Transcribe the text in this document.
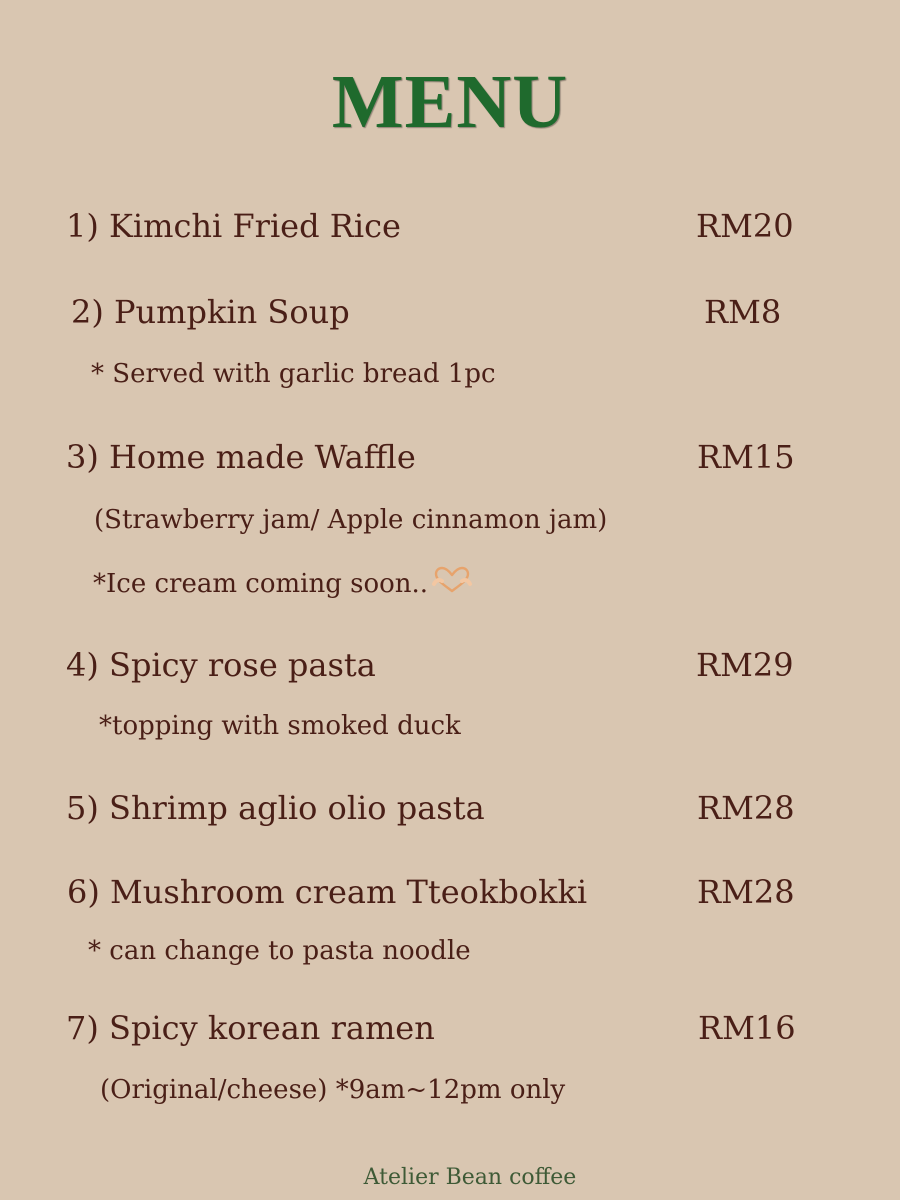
MENU
1) Kimchi Fried Rice	RM20
2) Pumpkin Soup	RM8
* Served with garlic bread 1pc
3) Home made Waffle	RM15
(Strawberry jam/ Apple cinnamon jam)
*Ice cream coming soon..
4) Spicy rose pasta	RM29
*topping with smoked duck
5) Shrimp aglio olio pasta	RM28
6) Mushroom cream Tteokbokki	RM28
* can change to pasta noodle
7) Spicy korean ramen	RM16
(Original/cheese) *9am~12pm only
Atelier Bean coffee
